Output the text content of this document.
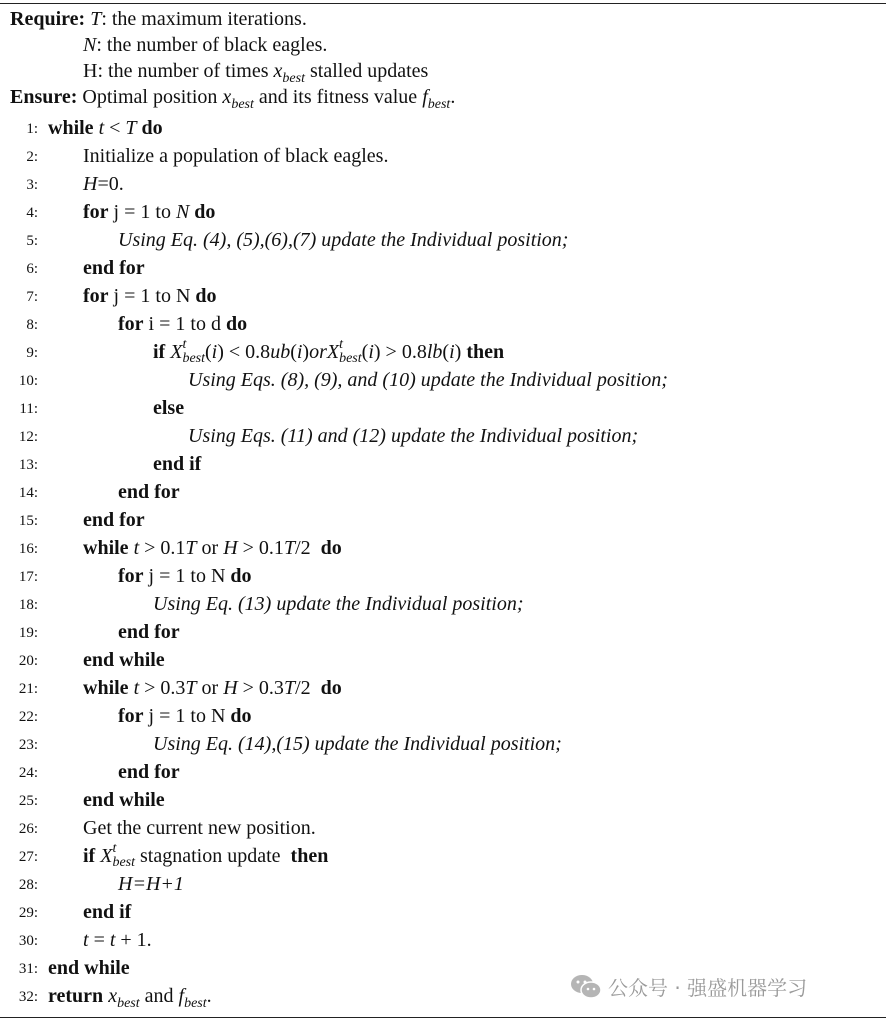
Require: T: the maximum iterations.
N: the number of black eagles.
H: the number of times $x_{best}$ stalled updates
Ensure: Optimal position $x_{best}$ and its fitness value $f_{best}$.
1: while t < T do
2: Initialize a population of black eagles.
3: H=0.
4: for j = 1 to N do
5:	Using Eq. (4), (5),(6),(7) update the Individual position;
6: end for
7: for j = 1 to N do
8:	for i = 1 to d do
9:	if X t
best (i) < 0.8ub(i)orX t
best (i) > 0.8lb(i) then
10:	Using Eqs. (8), (9), and (10) update the Individual position;
11:	else
12:	Using Eqs. (11) and (12) update the Individual position;
13:	end if
14:	end for
15: end for
16: while t > 0.1T or H > 0.1T/2  do
17:	for j = 1 to N do
18:	Using Eq. (13) update the Individual position;
19:	end for
20: end while
21: while t > 0.3T or H > 0.3T/2  do
22:	for j = 1 to N do
23:	Using Eq. (14),(15) update the Individual position;
24:	end for
25: end while
26: Get the current new position.
27: if X t
best stagnation update  then
28:	H=H+1
29: end if
30: t = t + 1.
31: end while
32: return $x_{best}$ and $f_{best}$.	公众号 · 强盛机器学习
